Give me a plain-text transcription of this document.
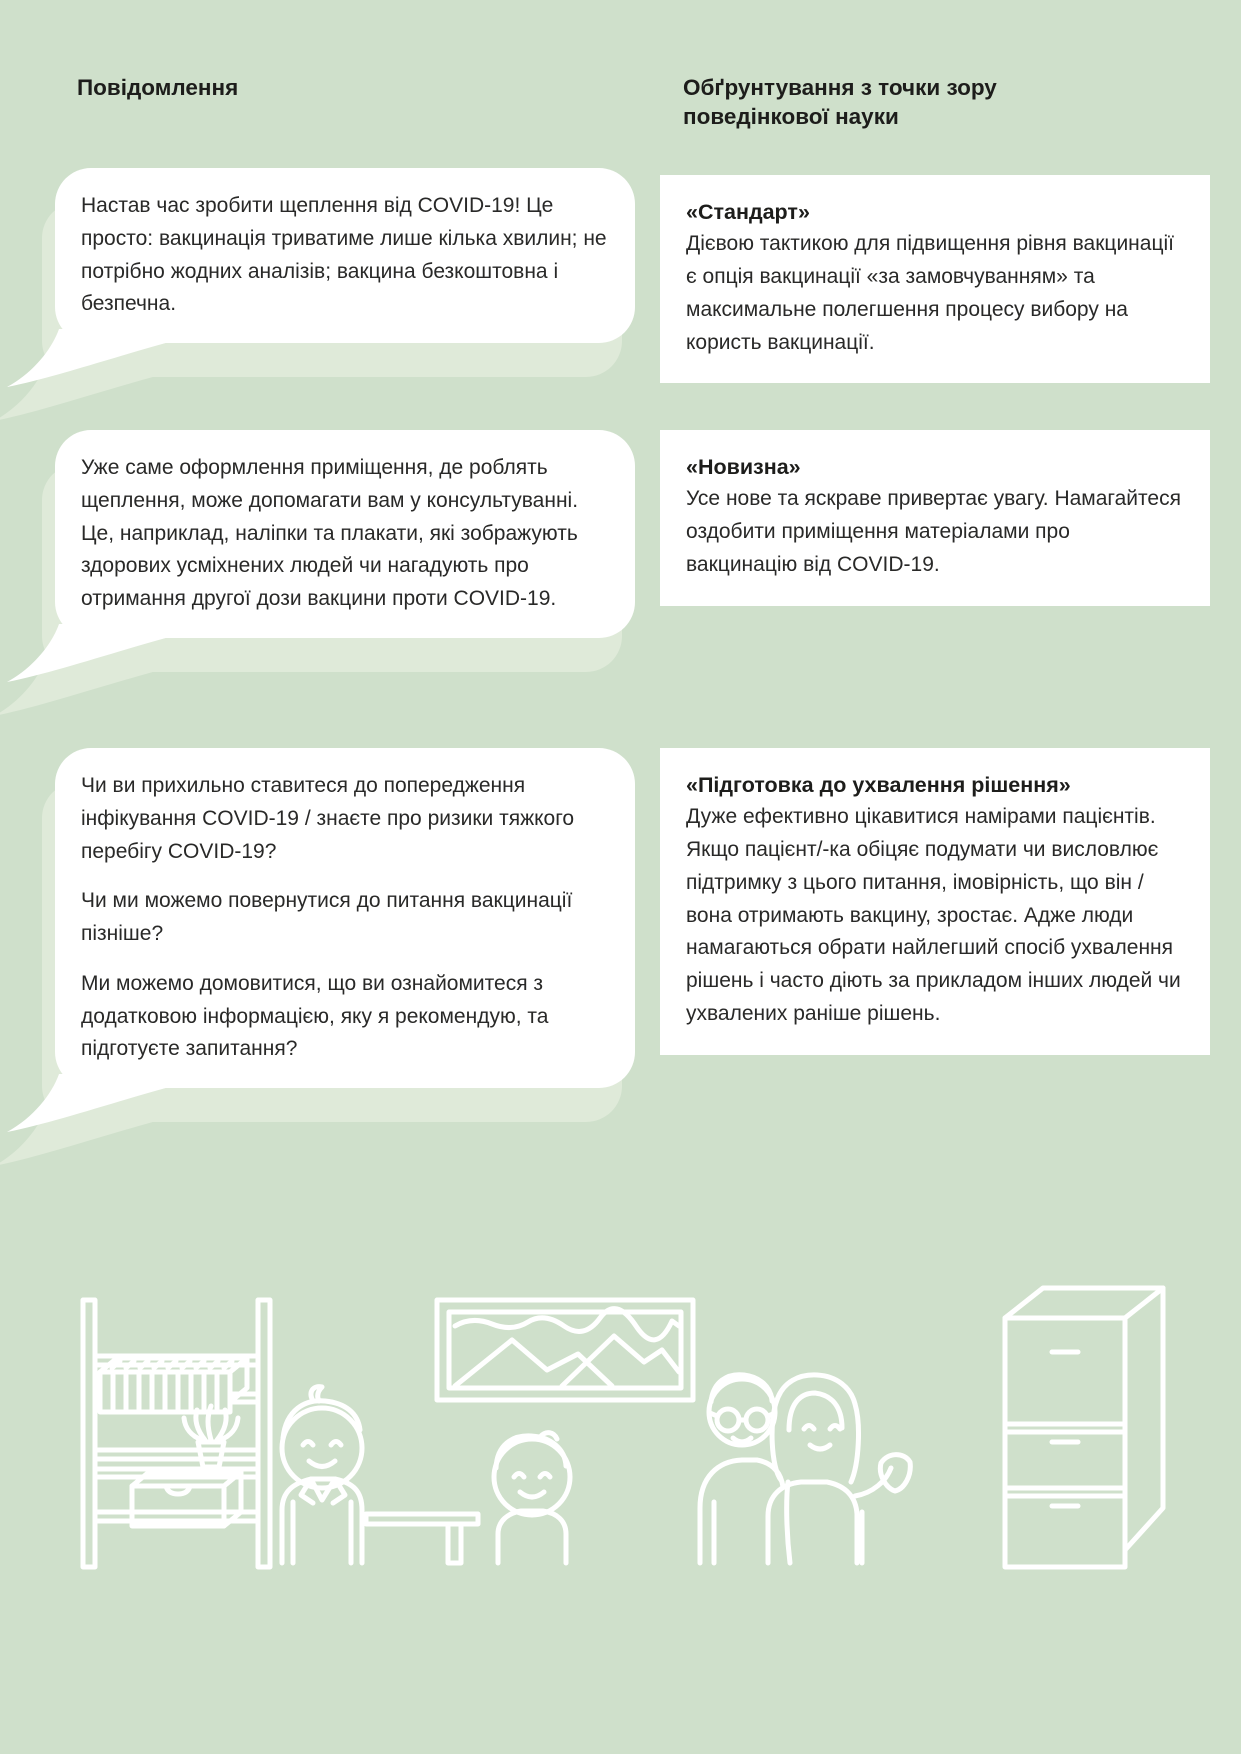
Повідомлення	Обґрунтування з точки зору поведінкової науки

Настав час зробити щеплення від COVID-19! Це просто: вакцинація триватиме лише кілька хвилин; не потрібно жодних аналізів; вакцина безкоштовна і безпечна.

«Стандарт»

Дієвою тактикою для підвищення рівня вакцинації є опція вакцинації «за замовчуванням» та максимальне полегшення процесу вибору на користь вакцинації.

Уже саме оформлення приміщення, де роблять щеплення, може допомагати вам у консультуванні. Це, наприклад, наліпки та плакати, які зображують здорових усміхнених людей чи нагадують про отримання другої дози вакцини проти COVID-19.

«Новизна»

Усе нове та яскраве привертає увагу. Намагайтеся оздобити приміщення матеріалами про вакцинацію від COVID-19.

Чи ви прихильно ставитеся до попередження інфікування COVID-19 / знаєте про ризики тяжкого перебігу COVID-19?

Чи ми можемо повернутися до питання вакцинації пізніше?

Ми можемо домовитися, що ви ознайомитеся з додатковою інформацією, яку я рекомендую, та підготуєте запитання?

«Підготовка до ухвалення рішення»

Дуже ефективно цікавитися намірами пацієнтів. Якщо пацієнт/-ка обіцяє подумати чи висловлює підтримку з цього питання, імовірність, що він / вона отримають вакцину, зростає. Адже люди намагаються обрати найлегший спосіб ухвалення рішень і часто діють за прикладом інших людей чи ухвалених раніше рішень.
